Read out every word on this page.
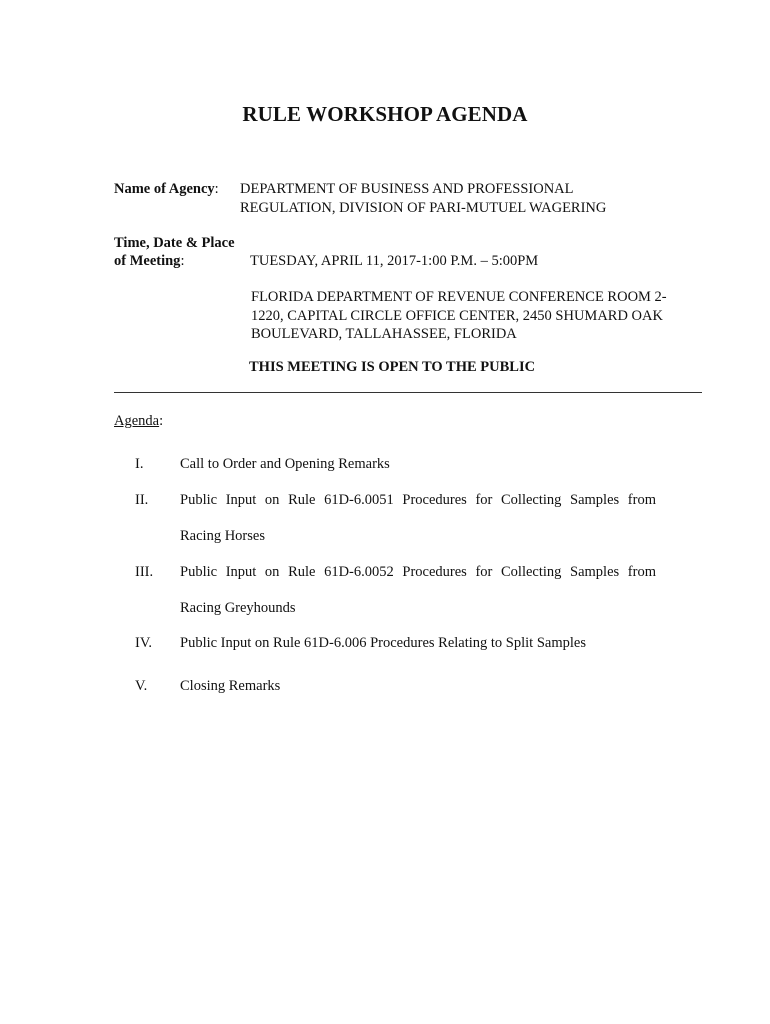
RULE WORKSHOP AGENDA
Name of Agency: DEPARTMENT OF BUSINESS AND PROFESSIONAL
REGULATION, DIVISION OF PARI-MUTUEL WAGERING
Time, Date & Place
of Meeting:	TUESDAY, APRIL 11, 2017-1:00 P.M. – 5:00PM
FLORIDA DEPARTMENT OF REVENUE CONFERENCE ROOM 2-
1220, CAPITAL CIRCLE OFFICE CENTER, 2450 SHUMARD OAK
BOULEVARD, TALLAHASSEE, FLORIDA
THIS MEETING IS OPEN TO THE PUBLIC
Agenda:
I.	Call to Order and Opening Remarks
II. Public Input on Rule 61D-6.0051 Procedures for Collecting Samples from
Racing Horses
III. Public Input on Rule 61D-6.0052 Procedures for Collecting Samples from
Racing Greyhounds
IV. Public Input on Rule 61D-6.006 Procedures Relating to Split Samples
V. Closing Remarks
